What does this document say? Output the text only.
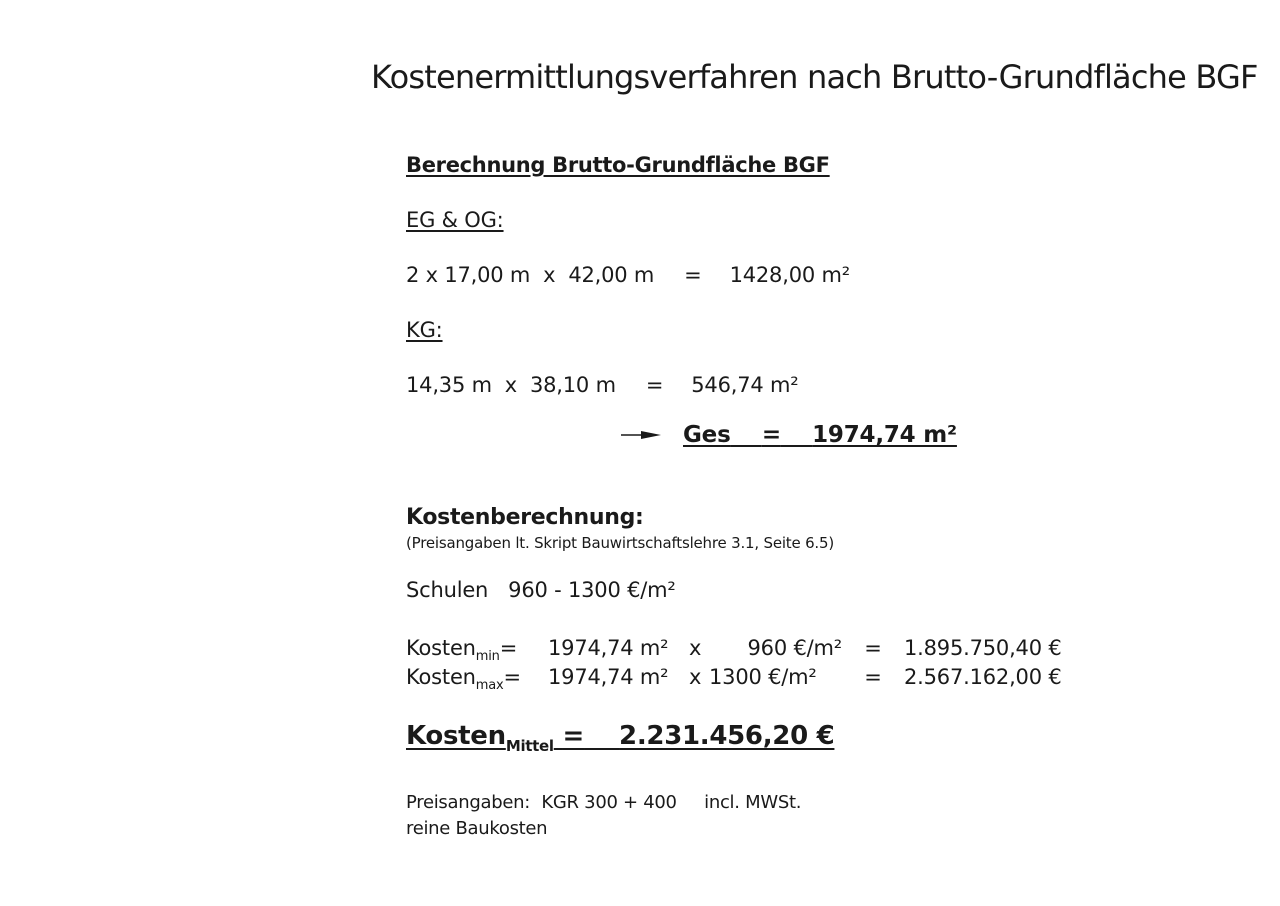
Kostenermittlungsverfahren nach Brutto-Grundfläche BGF
Berechnung Brutto-Grundfläche BGF
EG & OG:
2 x 17,00 m  x  42,00 m = 1428,00 m²
KG:
14,35 m  x  38,10 m = 546,74 m²
Ges = 1974,74 m²
Kostenberechnung:
(Preisangaben lt. Skript Bauwirtschaftslehre 3.1, Seite 6.5)
Schulen 960 - 1300 €/m²
Kosten$_{min}$=	1974,74 m² x	960 €/m²	=	1.895.750,40 €
Kosten$_{max}$=	1974,74 m² x 1300 €/m²	=	2.567.162,00 €
Kosten$_{Mittel}$ = 2.231.456,20 €
Preisangaben: KGR 300 + 400 incl. MWSt.
reine Baukosten
